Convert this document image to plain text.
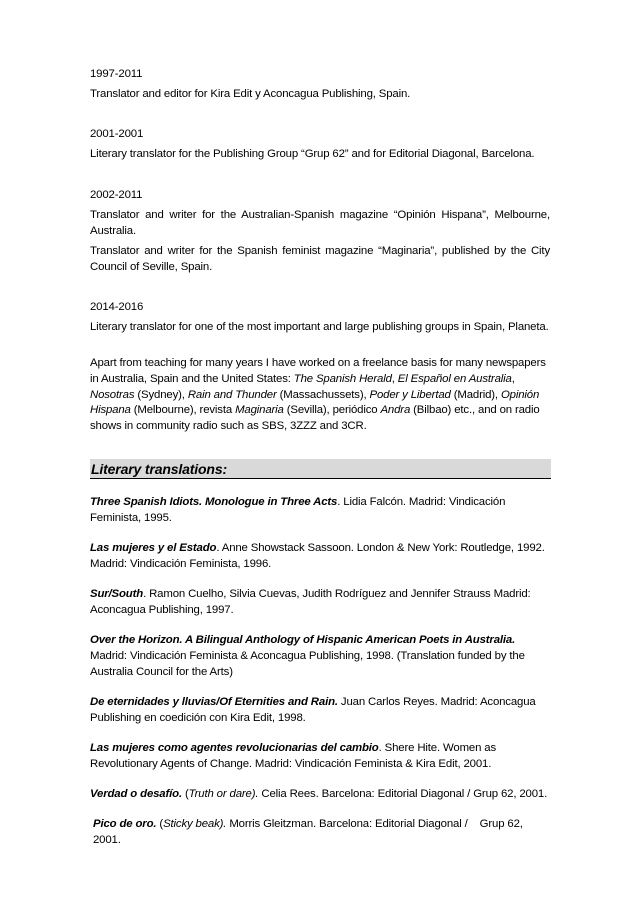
1997-2011

Translator and editor for Kira Edit y Aconcagua Publishing, Spain.

2001-2001

Literary translator for the Publishing Group “Grup 62” and for Editorial Diagonal, Barcelona.

2002-2011

Translator and writer for the Australian-Spanish magazine “Opinión Hispana”, Melbourne, Australia.

Translator and writer for the Spanish feminist magazine “Maginaria”, published by the City Council of Seville, Spain.

2014-2016

Literary translator for one of the most important and large publishing groups in Spain, Planeta.

Apart from teaching for many years I have worked on a freelance basis for many newspapers in Australia, Spain and the United States: The Spanish Herald, El Español en Australia, Nosotras (Sydney), Rain and Thunder (Massachussets), Poder y Libertad (Madrid), Opinión Hispana (Melbourne), revista Maginaria (Sevilla), periódico Andra (Bilbao) etc., and on radio shows in community radio such as SBS, 3ZZZ and 3CR.

Literary translations:

Three Spanish Idiots. Monologue in Three Acts. Lidia Falcón. Madrid: Vindicación Feminista, 1995.

Las mujeres y el Estado. Anne Showstack Sassoon. London & New York: Routledge, 1992. Madrid: Vindicación Feminista, 1996.

Sur/South. Ramon Cuelho, Silvia Cuevas, Judith Rodríguez and Jennifer Strauss Madrid: Aconcagua Publishing, 1997.

Over the Horizon. A Bilingual Anthology of Hispanic American Poets in Australia. Madrid: Vindicación Feminista & Aconcagua Publishing, 1998. (Translation funded by the Australia Council for the Arts)

De eternidades y lluvias/Of Eternities and Rain. Juan Carlos Reyes. Madrid: Aconcagua Publishing en coedición con Kira Edit, 1998.

Las mujeres como agentes revolucionarias del cambio. Shere Hite. Women as Revolutionary Agents of Change. Madrid: Vindicación Feminista & Kira Edit, 2001.

Verdad o desafío. (Truth or dare). Celia Rees. Barcelona: Editorial Diagonal / Grup 62, 2001.

Pico de oro. (Sticky beak). Morris Gleitzman. Barcelona: Editorial Diagonal /    Grup 62, 2001.
